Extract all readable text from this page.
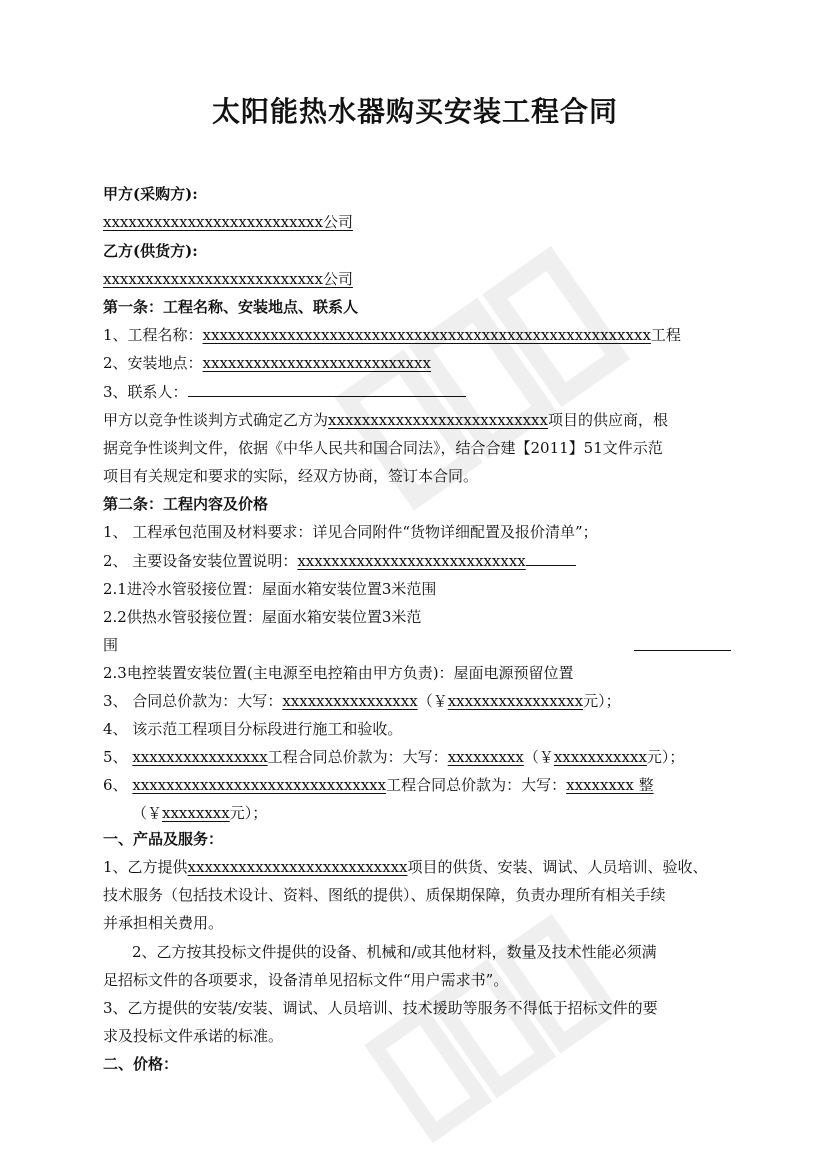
太阳能热水器购买安装工程合同
甲方(采购方):
xxxxxxxxxxxxxxxxxxxxxxxxxx公司
乙方(供货方):
xxxxxxxxxxxxxxxxxxxxxxxxxx公司
第一条：工程名称、安装地点、联系人
1、工程名称：xxxxxxxxxxxxxxxxxxxxxxxxxxxxxxxxxxxxxxxxxxxxxxxxxxxxx工程
2、安装地点：xxxxxxxxxxxxxxxxxxxxxxxxxxx
3、联系人：
甲方以竞争性谈判方式确定乙方为xxxxxxxxxxxxxxxxxxxxxxxxxx项目的供应商，根
据竞争性谈判文件，依据《中华人民共和国合同法》，结合合建【2011】51文件示范
项目有关规定和要求的实际，经双方协商，签订本合同。
第二条：工程内容及价格
1、 工程承包范围及材料要求：详见合同附件“货物详细配置及报价清单”；
2、 主要设备安装位置说明：xxxxxxxxxxxxxxxxxxxxxxxxxxx
2.1进冷水管驳接位置：屋面水箱安装位置3米范围
2.2供热水管驳接位置：屋面水箱安装位置3米范
围
2.3电控装置安装位置(主电源至电控箱由甲方负责)：屋面电源预留位置
3、 合同总价款为：大写：xxxxxxxxxxxxxxxx（￥xxxxxxxxxxxxxxxx元）；
4、 该示范工程项目分标段进行施工和验收。
5、 xxxxxxxxxxxxxxxx工程合同总价款为：大写：xxxxxxxxx（￥xxxxxxxxxxx元）；
6、 xxxxxxxxxxxxxxxxxxxxxxxxxxxxxx工程合同总价款为：大写：xxxxxxxx 整
（￥xxxxxxxx元）；
一、产品及服务：
1、乙方提供xxxxxxxxxxxxxxxxxxxxxxxxxx项目的供货、安装、调试、人员培训、验收、
技术服务（包括技术设计、资料、图纸的提供）、质保期保障，负责办理所有相关手续
并承担相关费用。
2、乙方按其投标文件提供的设备、机械和/或其他材料，数量及技术性能必须满
足招标文件的各项要求，设备清单见招标文件“用户需求书”。
3、乙方提供的安装/安装、调试、人员培训、技术援助等服务不得低于招标文件的要
求及投标文件承诺的标准。
二、价格：
